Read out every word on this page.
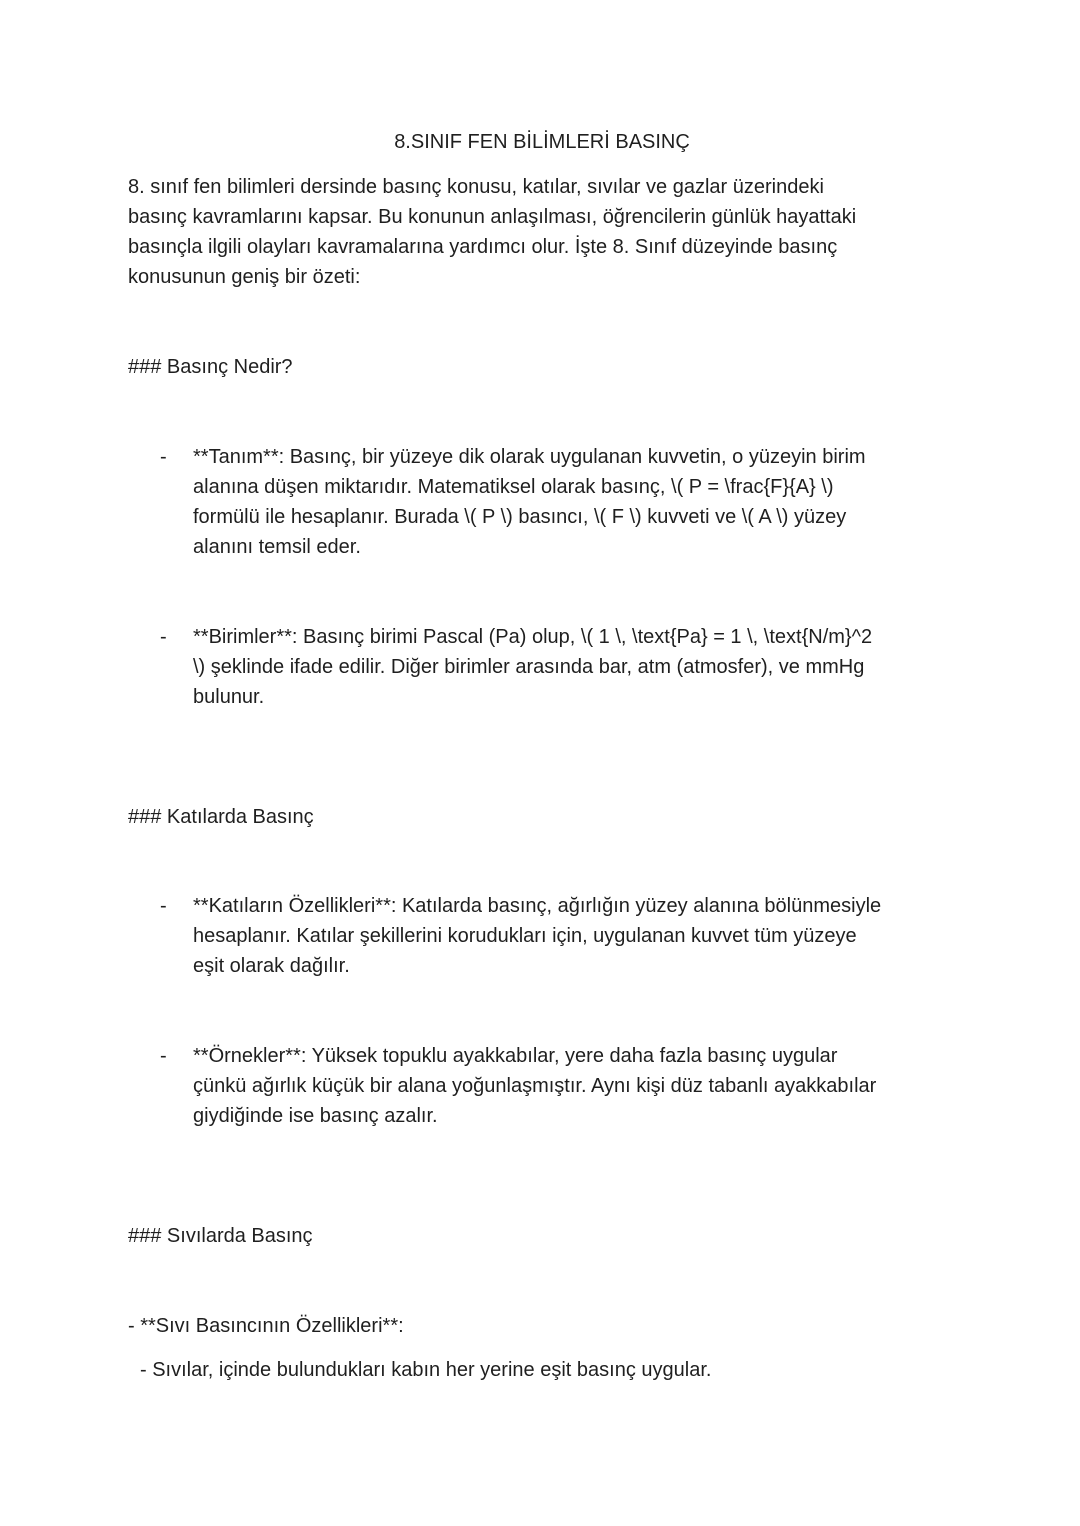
8.SINIF FEN BİLİMLERİ BASINÇ
8. sınıf fen bilimleri dersinde basınç konusu, katılar, sıvılar ve gazlar üzerindeki
basınç kavramlarını kapsar. Bu konunun anlaşılması, öğrencilerin günlük hayattaki
basınçla ilgili olayları kavramalarına yardımcı olur. İşte 8. Sınıf düzeyinde basınç
konusunun geniş bir özeti:
### Basınç Nedir?
-	**Tanım**: Basınç, bir yüzeye dik olarak uygulanan kuvvetin, o yüzeyin birim
alanına düşen miktarıdır. Matematiksel olarak basınç, \( P = \frac{F}{A} \)
formülü ile hesaplanır. Burada \( P \) basıncı, \( F \) kuvveti ve \( A \) yüzey
alanını temsil eder.
-	**Birimler**: Basınç birimi Pascal (Pa) olup, \( 1 \, \text{Pa} = 1 \, \text{N/m}^2
\) şeklinde ifade edilir. Diğer birimler arasında bar, atm (atmosfer), ve mmHg
bulunur.
### Katılarda Basınç
-	**Katıların Özellikleri**: Katılarda basınç, ağırlığın yüzey alanına bölünmesiyle
hesaplanır. Katılar şekillerini korudukları için, uygulanan kuvvet tüm yüzeye
eşit olarak dağılır.
-	**Örnekler**: Yüksek topuklu ayakkabılar, yere daha fazla basınç uygular
çünkü ağırlık küçük bir alana yoğunlaşmıştır. Aynı kişi düz tabanlı ayakkabılar
giydiğinde ise basınç azalır.
### Sıvılarda Basınç
- **Sıvı Basıncının Özellikleri**:
- Sıvılar, içinde bulundukları kabın her yerine eşit basınç uygular.
